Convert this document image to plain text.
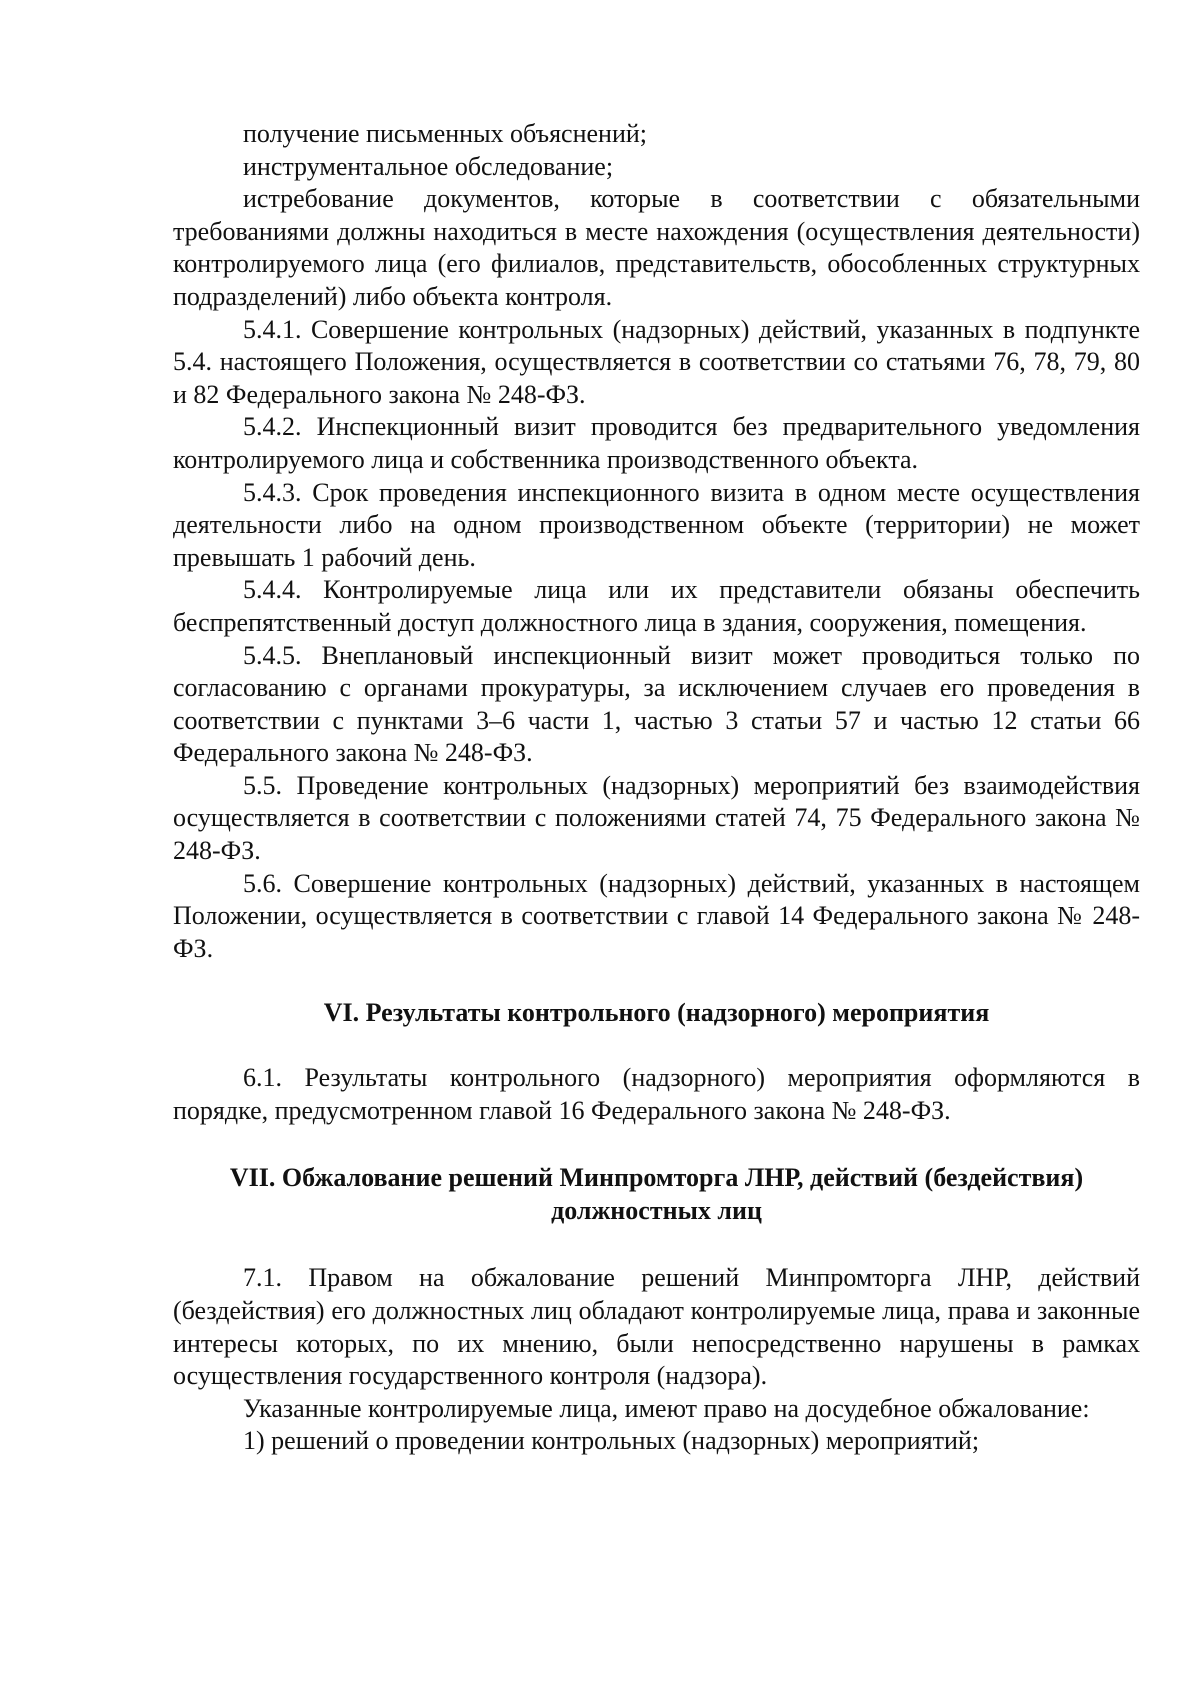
получение письменных объяснений;

инструментальное обследование;

истребование документов, которые в соответствии с обязательными требованиями должны находиться в месте нахождения (осуществления деятельности) контролируемого лица (его филиалов, представительств, обособленных структурных подразделений) либо объекта контроля.

5.4.1. Совершение контрольных (надзорных) действий, указанных в подпункте 5.4. настоящего Положения, осуществляется в соответствии со статьями 76, 78, 79, 80 и 82 Федерального закона № 248-ФЗ.

5.4.2. Инспекционный визит проводится без предварительного уведомления контролируемого лица и собственника производственного объекта.

5.4.3. Срок проведения инспекционного визита в одном месте осуществления деятельности либо на одном производственном объекте (территории) не может превышать 1 рабочий день.

5.4.4. Контролируемые лица или их представители обязаны обеспечить беспрепятственный доступ должностного лица в здания, сооружения, помещения.

5.4.5. Внеплановый инспекционный визит может проводиться только по согласованию с органами прокуратуры, за исключением случаев его проведения в соответствии с пунктами 3–6 части 1, частью 3 статьи 57 и частью 12 статьи 66 Федерального закона № 248-ФЗ.

5.5. Проведение контрольных (надзорных) мероприятий без взаимодействия осуществляется в соответствии с положениями статей 74, 75 Федерального закона № 248-ФЗ.

5.6. Совершение контрольных (надзорных) действий, указанных в настоящем Положении, осуществляется в соответствии с главой 14 Федерального закона № 248-ФЗ.

VI. Результаты контрольного (надзорного) мероприятия

6.1. Результаты контрольного (надзорного) мероприятия оформляются в порядке, предусмотренном главой 16 Федерального закона № 248-ФЗ.

VII. Обжалование решений Минпромторга ЛНР, действий (бездействия)

должностных лиц

7.1. Правом на обжалование решений Минпромторга ЛНР, действий (бездействия) его должностных лиц обладают контролируемые лица, права и законные интересы которых, по их мнению, были непосредственно нарушены в рамках осуществления государственного контроля (надзора).

Указанные контролируемые лица, имеют право на досудебное обжалование:

1) решений о проведении контрольных (надзорных) мероприятий;
